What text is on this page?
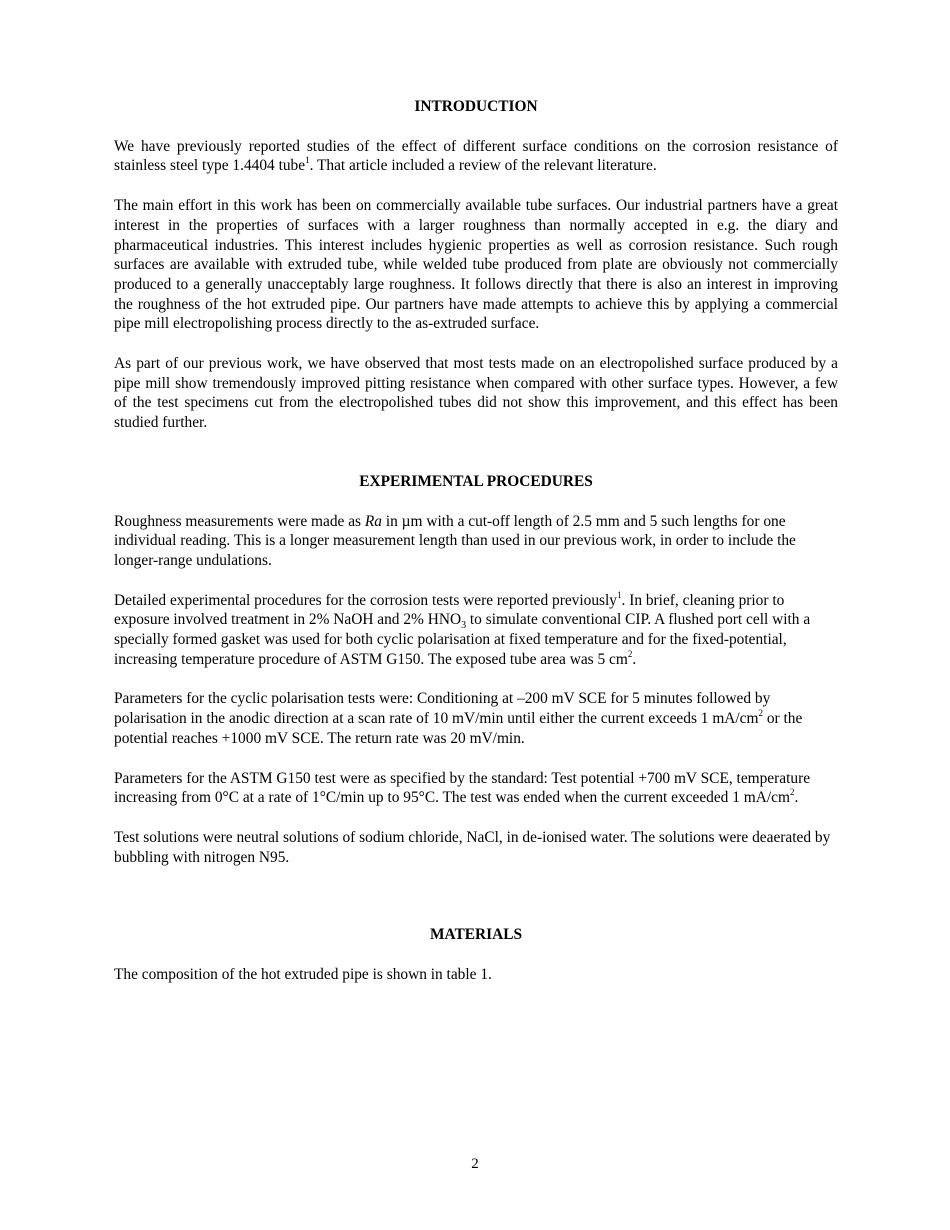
INTRODUCTION

We have previously reported studies of the effect of different surface conditions on the corrosion resistance of stainless steel type 1.4404 tube$^1$. That article included a review of the relevant literature.

The main effort in this work has been on commercially available tube surfaces. Our industrial partners have a great interest in the properties of surfaces with a larger roughness than normally accepted in e.g. the diary and pharmaceutical industries. This interest includes hygienic properties as well as corrosion resistance. Such rough surfaces are available with extruded tube, while welded tube produced from plate are obviously not commercially produced to a generally unacceptably large roughness. It follows directly that there is also an interest in improving the roughness of the hot extruded pipe. Our partners have made attempts to achieve this by applying a commercial pipe mill electropolishing process directly to the as-extruded surface.

As part of our previous work, we have observed that most tests made on an electropolished surface produced by a pipe mill show tremendously improved pitting resistance when compared with other surface types. However, a few of the test specimens cut from the electropolished tubes did not show this improvement, and this effect has been studied further.

EXPERIMENTAL PROCEDURES

Roughness measurements were made as Ra in µm with a cut-off length of 2.5 mm and 5 such lengths for one individual reading. This is a longer measurement length than used in our previous work, in order to include the longer-range undulations.

Detailed experimental procedures for the corrosion tests were reported previously$^1$. In brief, cleaning prior to exposure involved treatment in 2% NaOH and 2% $HNO_3$ to simulate conventional CIP. A flushed port cell with a specially formed gasket was used for both cyclic polarisation at fixed temperature and for the fixed-potential, increasing temperature procedure of ASTM G150. The exposed tube area was 5 $cm^2$.

Parameters for the cyclic polarisation tests were: Conditioning at –200 mV SCE for 5 minutes followed by polarisation in the anodic direction at a scan rate of 10 mV/min until either the current exceeds 1 $mA/cm^2$ or the potential reaches +1000 mV SCE. The return rate was 20 mV/min.

Parameters for the ASTM G150 test were as specified by the standard: Test potential +700 mV SCE, temperature increasing from 0°C at a rate of 1°C/min up to 95°C. The test was ended when the current exceeded 1 $mA/cm^2$.

Test solutions were neutral solutions of sodium chloride, NaCl, in de-ionised water. The solutions were deaerated by bubbling with nitrogen N95.

MATERIALS

The composition of the hot extruded pipe is shown in table 1.

2
